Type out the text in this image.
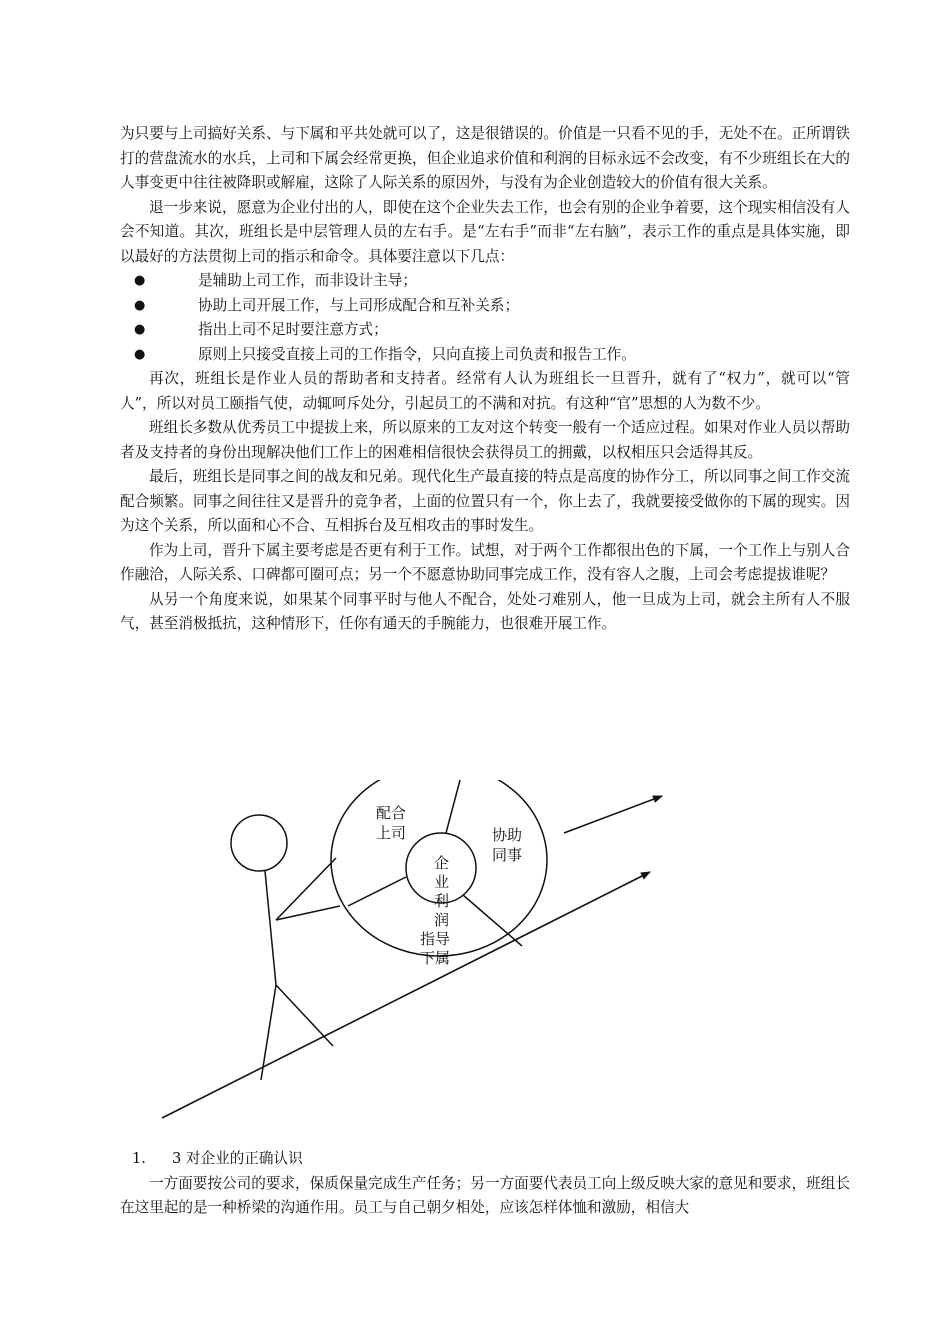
为只要与上司搞好关系、与下属和平共处就可以了，这是很错误的。价值是一只看不见的手，无处不在。正所谓铁打的营盘流水的水兵，上司和下属会经常更换，但企业追求价值和利润的目标永远不会改变，有不少班组长在大的人事变更中往往被降职或解雇，这除了人际关系的原因外，与没有为企业创造较大的价值有很大关系。

退一步来说，愿意为企业付出的人，即使在这个企业失去工作，也会有别的企业争着要，这个现实相信没有人会不知道。其次，班组长是中层管理人员的左右手。是“左右手”而非“左右脑”，表示工作的重点是具体实施，即以最好的方法贯彻上司的指示和命令。具体要注意以下几点：

●	是辅助上司工作，而非设计主导；
●	协助上司开展工作，与上司形成配合和互补关系；
●	指出上司不足时要注意方式；
●	原则上只接受直接上司的工作指令，只向直接上司负责和报告工作。

再次，班组长是作业人员的帮助者和支持者。经常有人认为班组长一旦晋升，就有了“权力”，就可以“管人”，所以对员工颐指气使，动辄呵斥处分，引起员工的不满和对抗。有这种“官”思想的人为数不少。

班组长多数从优秀员工中提拔上来，所以原来的工友对这个转变一般有一个适应过程。如果对作业人员以帮助者及支持者的身份出现解决他们工作上的困难相信很快会获得员工的拥戴，以权相压只会适得其反。

最后，班组长是同事之间的战友和兄弟。现代化生产最直接的特点是高度的协作分工，所以同事之间工作交流配合频繁。同事之间往往又是晋升的竞争者，上面的位置只有一个，你上去了，我就要接受做你的下属的现实。因为这个关系，所以面和心不合、互相拆台及互相攻击的事时发生。

作为上司，晋升下属主要考虑是否更有利于工作。试想，对于两个工作都很出色的下属，一个工作上与别人合作融洽，人际关系、口碑都可圈可点；另一个不愿意协助同事完成工作，没有容人之腹，上司会考虑提拔谁呢？

从另一个角度来说，如果某个同事平时与他人不配合，处处刁难别人，他一旦成为上司，就会主所有人不服气，甚至消极抵抗，这种情形下，任你有通天的手腕能力，也很难开展工作。

配合
上司	协助
同事
企
业
利
润
指导
下属

1. 3 对企业的正确认识

一方面要按公司的要求，保质保量完成生产任务；另一方面要代表员工向上级反映大家的意见和要求，班组长在这里起的是一种桥梁的沟通作用。员工与自己朝夕相处，应该怎样体恤和激励，相信大
